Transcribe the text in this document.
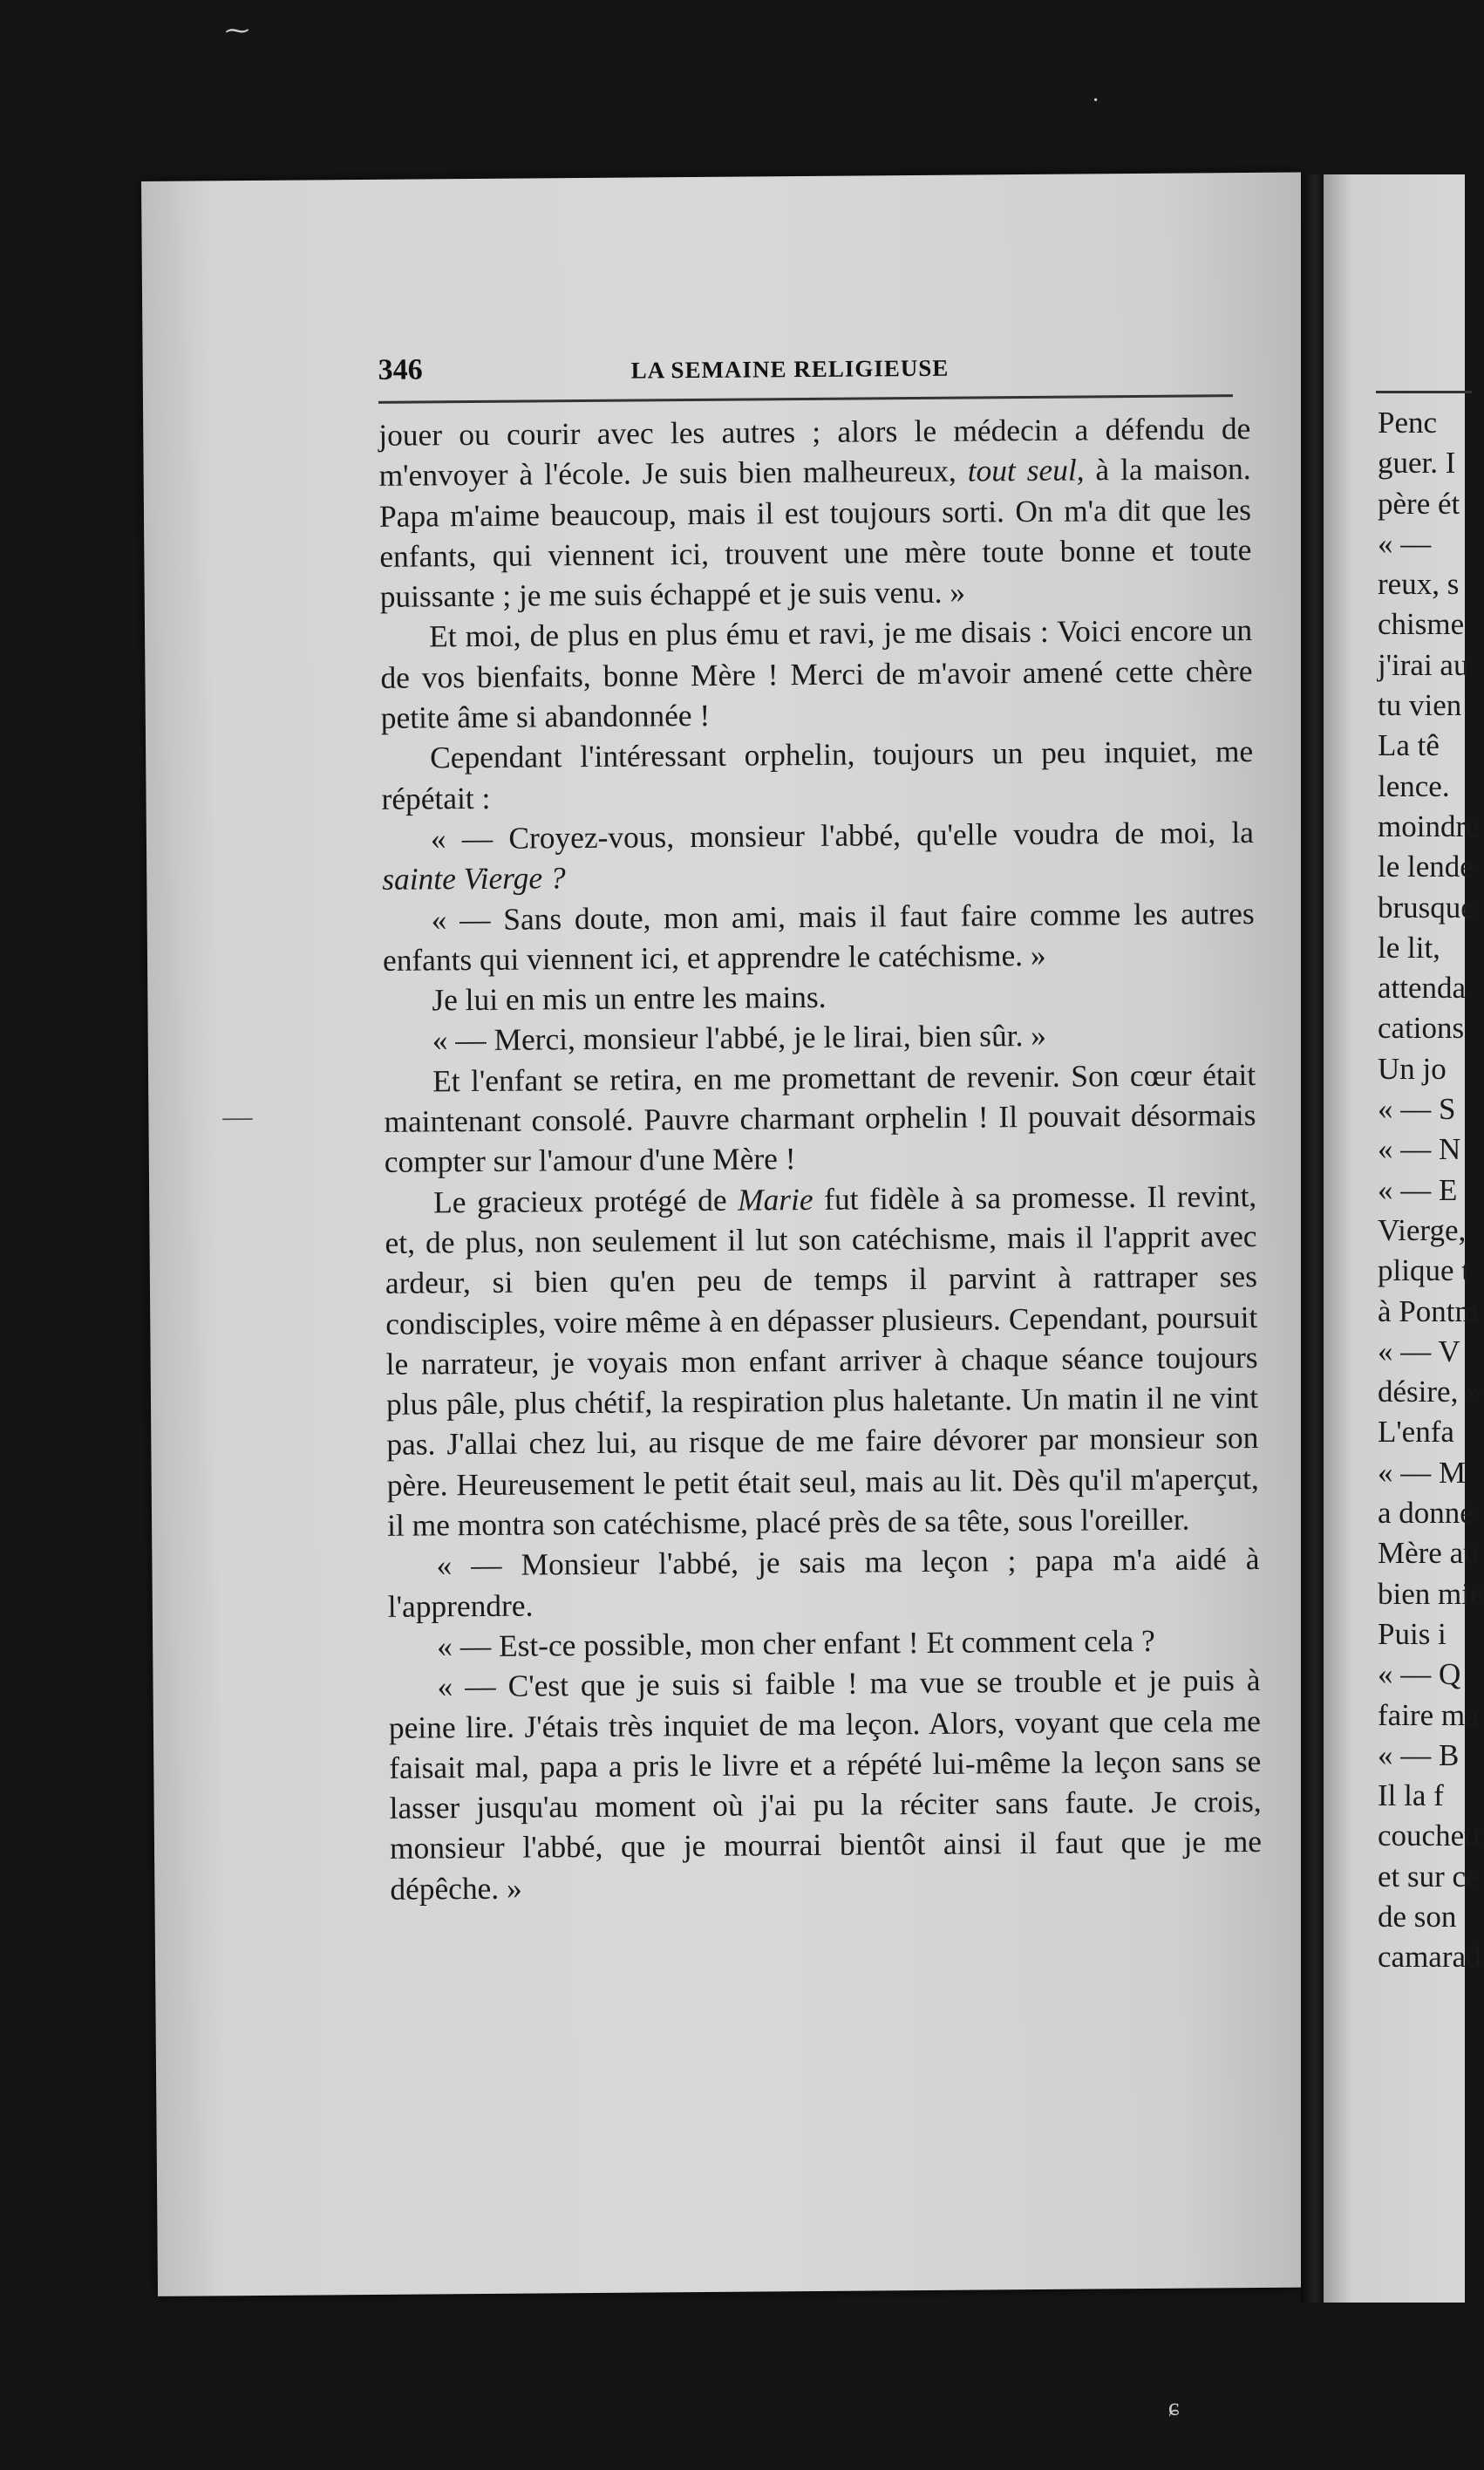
⁓
·
ɕ
346	LA SEMAINE RELIGIEUSE

jouer ou courir avec les autres ; alors le médecin a défendu de m'envoyer à l'école. Je suis bien malheureux, tout seul, à la maison. Papa m'aime beaucoup, mais il est toujours sorti. On m'a dit que les enfants, qui viennent ici, trouvent une mère toute bonne et toute puissante ; je me suis échappé et je suis venu. »

Et moi, de plus en plus ému et ravi, je me disais : Voici encore un de vos bienfaits, bonne Mère ! Merci de m'avoir amené cette chère petite âme si abandonnée !

Cependant l'intéressant orphelin, toujours un peu inquiet, me répétait :

« — Croyez-vous, monsieur l'abbé, qu'elle voudra de moi, la sainte Vierge ?

« — Sans doute, mon ami, mais il faut faire comme les autres enfants qui viennent ici, et apprendre le catéchisme. »

Je lui en mis un entre les mains.

« — Merci, monsieur l'abbé, je le lirai, bien sûr. »

Et l'enfant se retira, en me promettant de revenir. Son cœur était maintenant consolé. Pauvre charmant orphelin ! Il pouvait désormais compter sur l'amour d'une Mère !

Le gracieux protégé de Marie fut fidèle à sa promesse. Il revint, et, de plus, non seulement il lut son catéchisme, mais il l'apprit avec ardeur, si bien qu'en peu de temps il parvint à rattraper ses condisciples, voire même à en dépasser plusieurs. Cependant, poursuit le narrateur, je voyais mon enfant arriver à chaque séance toujours plus pâle, plus chétif, la respiration plus haletante. Un matin il ne vint pas. J'allai chez lui, au risque de me faire dévorer par monsieur son père. Heureusement le petit était seul, mais au lit. Dès qu'il m'aperçut, il me montra son catéchisme, placé près de sa tête, sous l'oreiller.

« — Monsieur l'abbé, je sais ma leçon ; papa m'a aidé à l'apprendre.

« — Est-ce possible, mon cher enfant ! Et comment cela ?

« — C'est que je suis si faible ! ma vue se trouble et je puis à peine lire. J'étais très inquiet de ma leçon. Alors, voyant que cela me faisait mal, papa a pris le livre et a répété lui-même la leçon sans se lasser jusqu'au moment où j'ai pu la réciter sans faute. Je crois, monsieur l'abbé, que je mourrai bientôt ainsi il faut que je me dépêche. »

—
Penc
guer. I
père ét
« —
reux, s
chisme
j'irai au
tu vien
La tê
lence.
moindre
le lende
brusque
le lit,
attenda
cations
Un jo
« — S
« — N
« — E
Vierge,
plique t
à Pontm
« — V
désire, »
L'enfa
« — M
a donné
Mère au
bien mie
Puis i
« — Q
faire ma
« — B
Il la f
couchett
et sur ce
de son
camarad
